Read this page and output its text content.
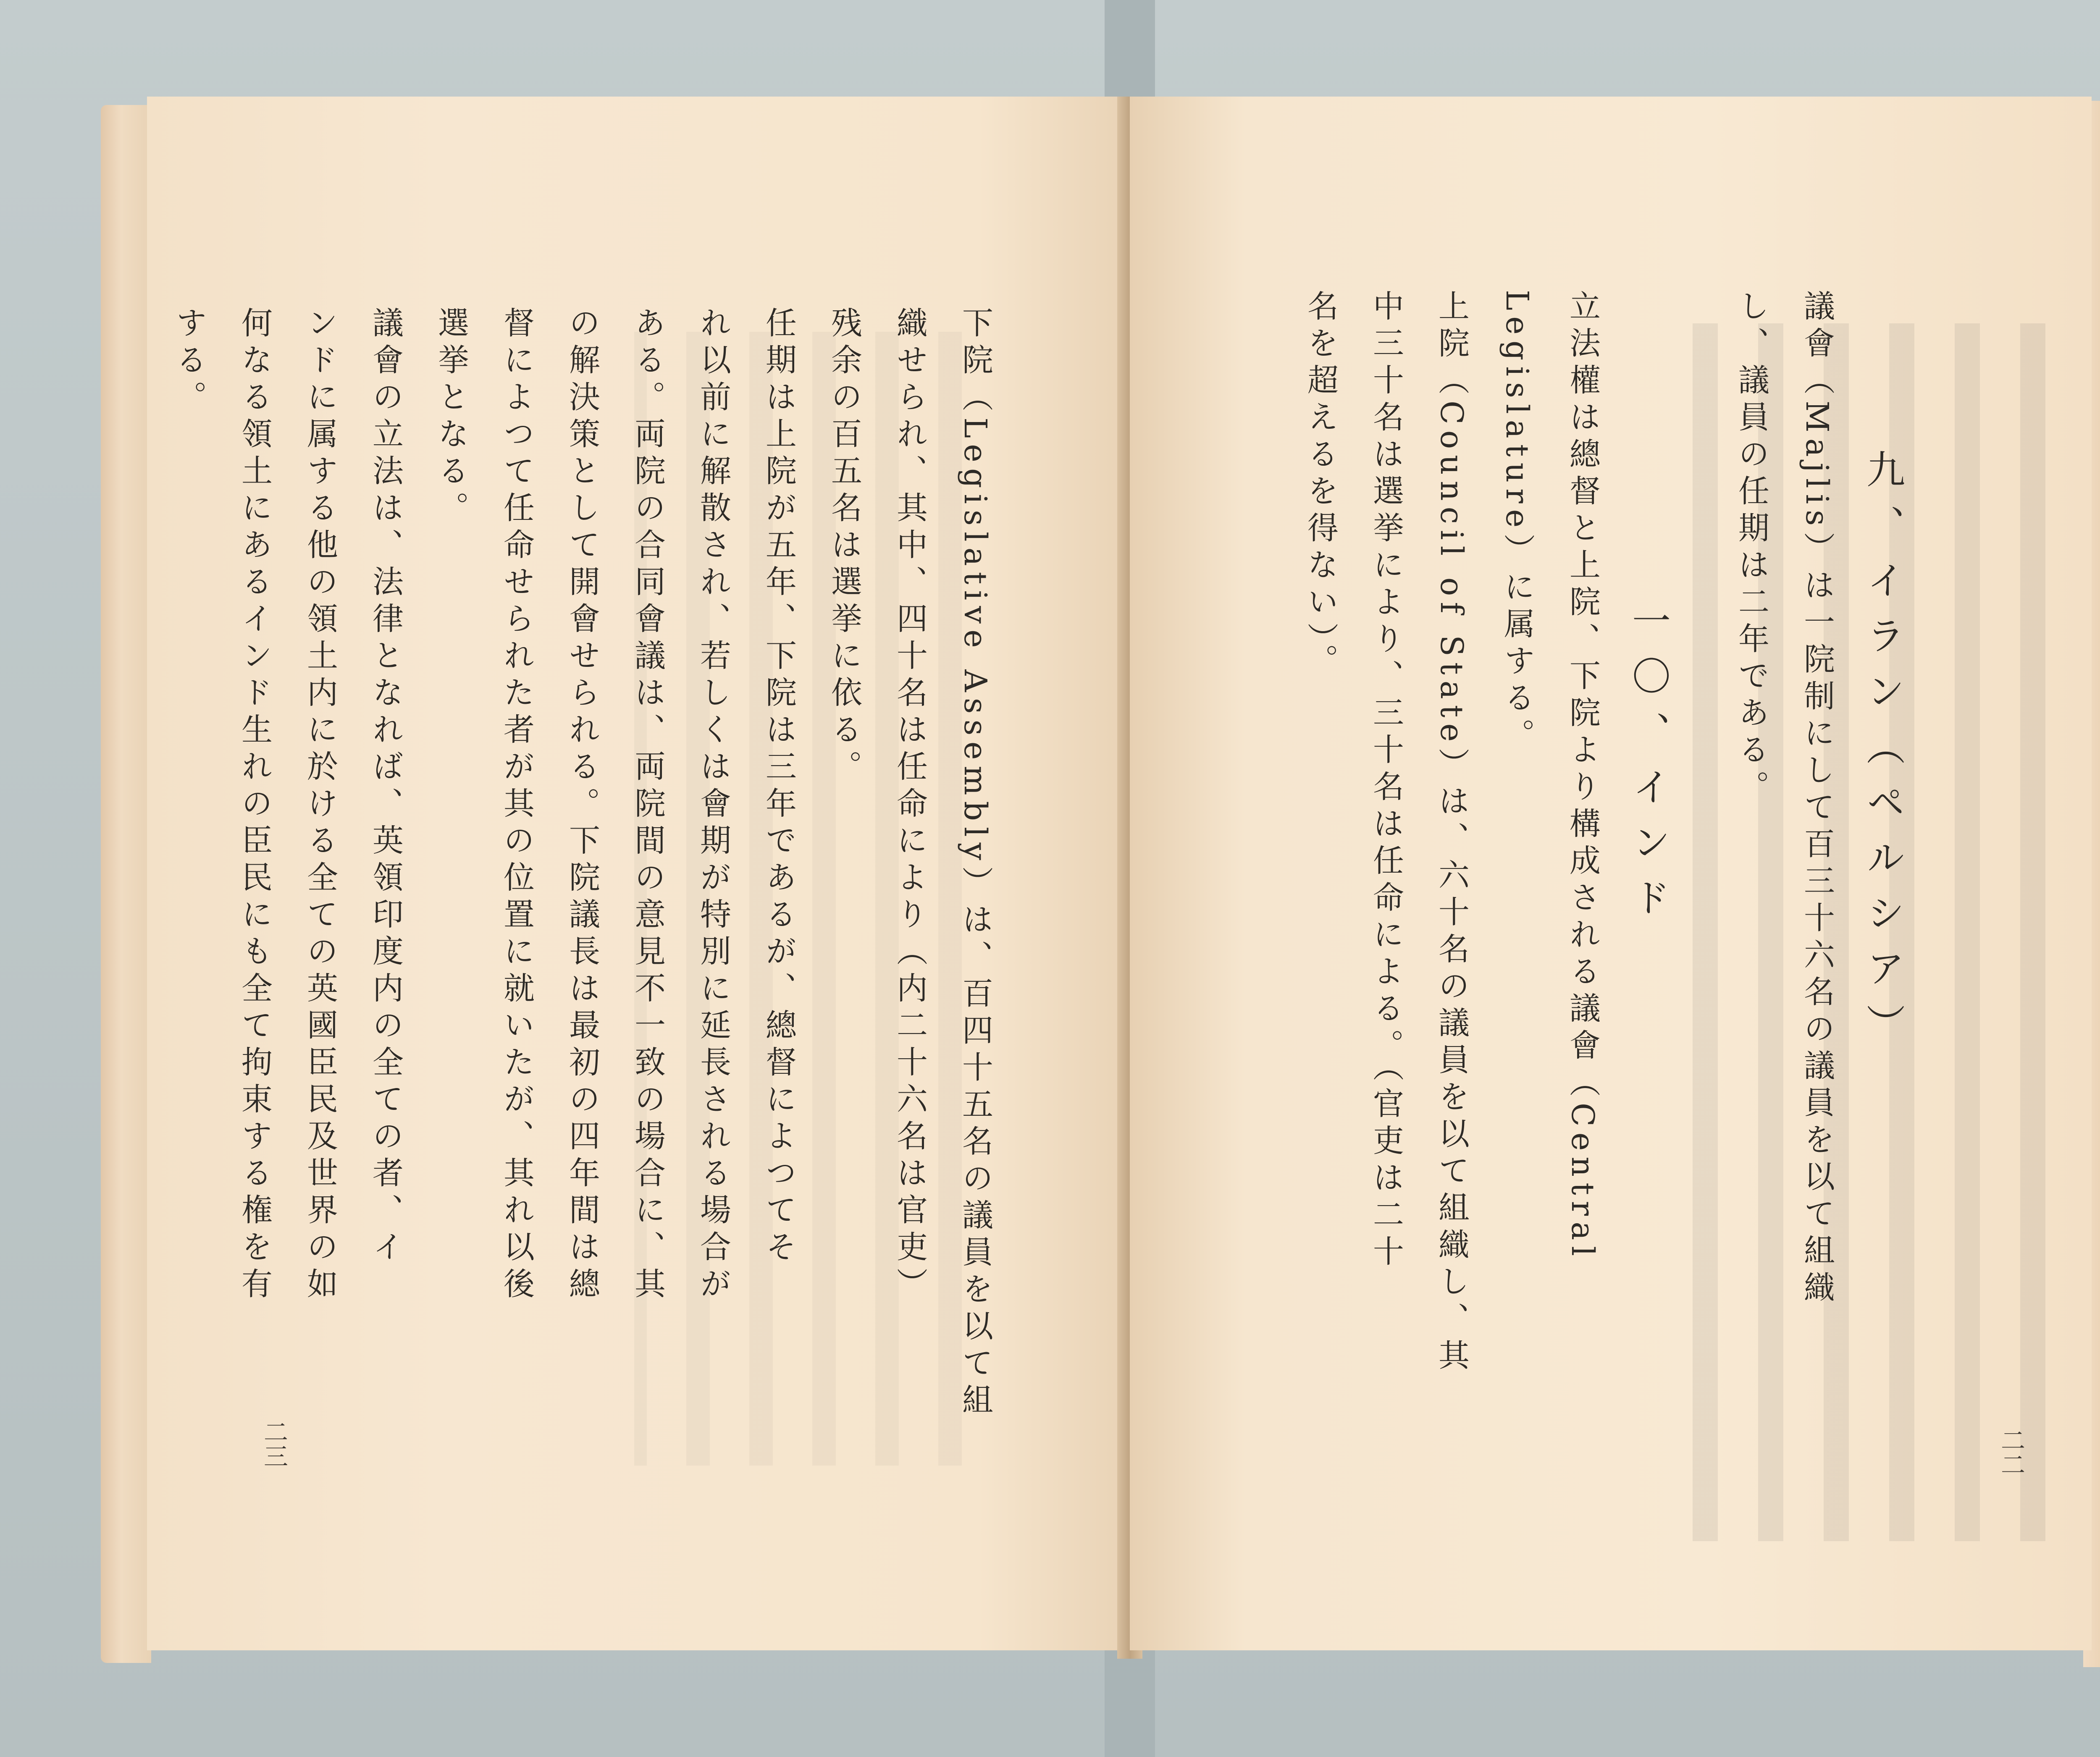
下院（Legislative Assembly）は、百四十五名の議員を以て組

織せられ、其中、四十名は任命により（内二十六名は官吏）

残余の百五名は選挙に依る。

任期は上院が五年、下院は三年であるが、總督によつてそ

れ以前に解散され、若しくは會期が特別に延長される場合が

ある。両院の合同會議は、両院間の意見不一致の場合に、其

の解決策として開會せられる。下院議長は最初の四年間は總

督によつて任命せられた者が其の位置に就いたが、其れ以後

選挙となる。

議會の立法は、法律となれば、英領印度内の全ての者、イ

ンドに属する他の領土内に於ける全ての英國臣民及世界の如

何なる領土にあるインド生れの臣民にも全て拘束する権を有

する。

二三

九、イラン（ペルシア）

議會（Majlis）は一院制にして百三十六名の議員を以て組織

し、議員の任期は二年である。

一〇、インド

立法權は總督と上院、下院より構成される議會（Central

Legislature）に属する。

上院（Council of State）は、六十名の議員を以て組織し、其

中三十名は選挙により、三十名は任命による。（官吏は二十

名を超えるを得ない）。

二二
